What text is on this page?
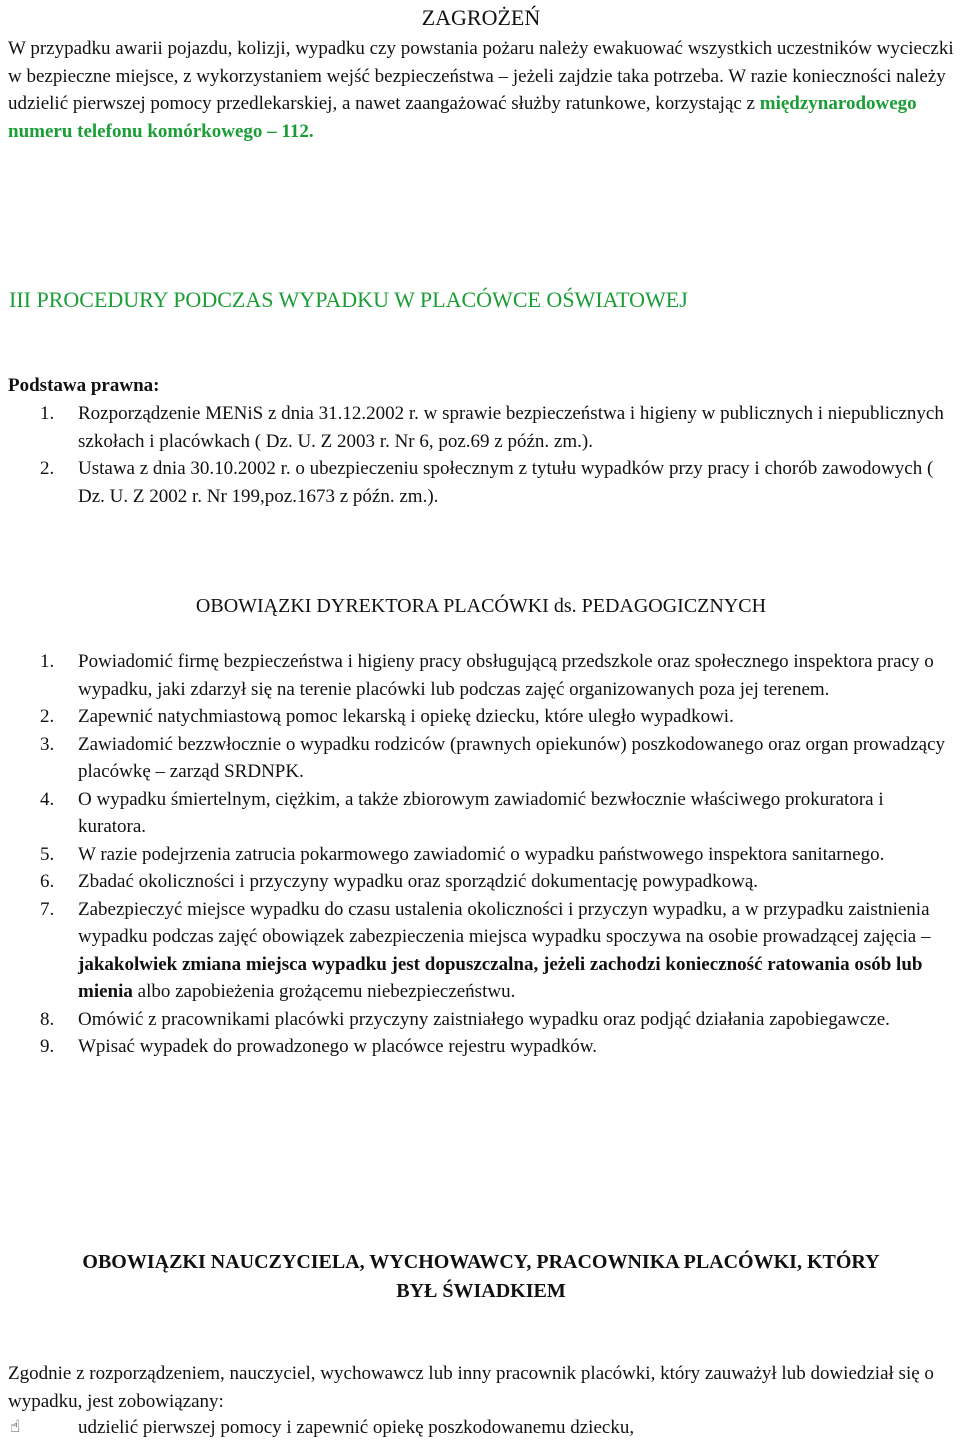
ZAGROŻEŃ

W przypadku awarii pojazdu, kolizji, wypadku czy powstania pożaru należy ewakuować wszystkich uczestników wycieczki w bezpieczne miejsce, z wykorzystaniem wejść bezpieczeństwa – jeżeli zajdzie taka potrzeba. W razie konieczności należy udzielić pierwszej pomocy przedlekarskiej, a nawet zaangażować służby ratunkowe, korzystając z międzynarodowego numeru telefonu komórkowego – 112.

III PROCEDURY PODCZAS WYPADKU W PLACÓWCE OŚWIATOWEJ

Podstawa prawna:

1. Rozporządzenie MENiS z dnia 31.12.2002 r. w sprawie bezpieczeństwa i higieny w publicznych i niepublicznych szkołach i placówkach ( Dz. U. Z 2003 r. Nr 6, poz.69 z późn. zm.).
2. Ustawa z dnia 30.10.2002 r. o ubezpieczeniu społecznym z tytułu wypadków przy pracy i chorób zawodowych ( Dz. U. Z 2002 r. Nr 199,poz.1673 z późn. zm.).
OBOWIĄZKI DYREKTORA PLACÓWKI ds. PEDAGOGICZNYCH
1. Powiadomić firmę bezpieczeństwa i higieny pracy obsługującą przedszkole oraz społecznego inspektora pracy o wypadku, jaki zdarzył się na terenie placówki lub podczas zajęć organizowanych poza jej terenem.
2. Zapewnić natychmiastową pomoc lekarską i opiekę dziecku, które uległo wypadkowi.
3. Zawiadomić bezzwłocznie o wypadku rodziców (prawnych opiekunów) poszkodowanego oraz organ prowadzący placówkę – zarząd SRDNPK.
4. O wypadku śmiertelnym, ciężkim, a także zbiorowym zawiadomić bezwłocznie właściwego prokuratora i kuratora.
5. W razie podejrzenia zatrucia pokarmowego zawiadomić o wypadku państwowego inspektora sanitarnego.
6. Zbadać okoliczności i przyczyny wypadku oraz sporządzić dokumentację powypadkową.
7. Zabezpieczyć miejsce wypadku do czasu ustalenia okoliczności i przyczyn wypadku, a w przypadku zaistnienia wypadku podczas zajęć obowiązek zabezpieczenia miejsca wypadku spoczywa na osobie prowadzącej zajęcia – jakakolwiek zmiana miejsca wypadku jest dopuszczalna, jeżeli zachodzi konieczność ratowania osób lub mienia albo zapobieżenia grożącemu niebezpieczeństwu.
8. Omówić z pracownikami placówki przyczyny zaistniałego wypadku oraz podjąć działania zapobiegawcze.
9. Wpisać wypadek do prowadzonego w placówce rejestru wypadków.
OBOWIĄZKI NAUCZYCIELA, WYCHOWAWCY, PRACOWNIKA PLACÓWKI, KTÓRY
BYŁ ŚWIADKIEM

Zgodnie z rozporządzeniem, nauczyciel, wychowawcz lub inny pracownik placówki, który zauważył lub dowiedział się o wypadku, jest zobowiązany:

☝	udzielić pierwszej pomocy i zapewnić opiekę poszkodowanemu dziecku,
